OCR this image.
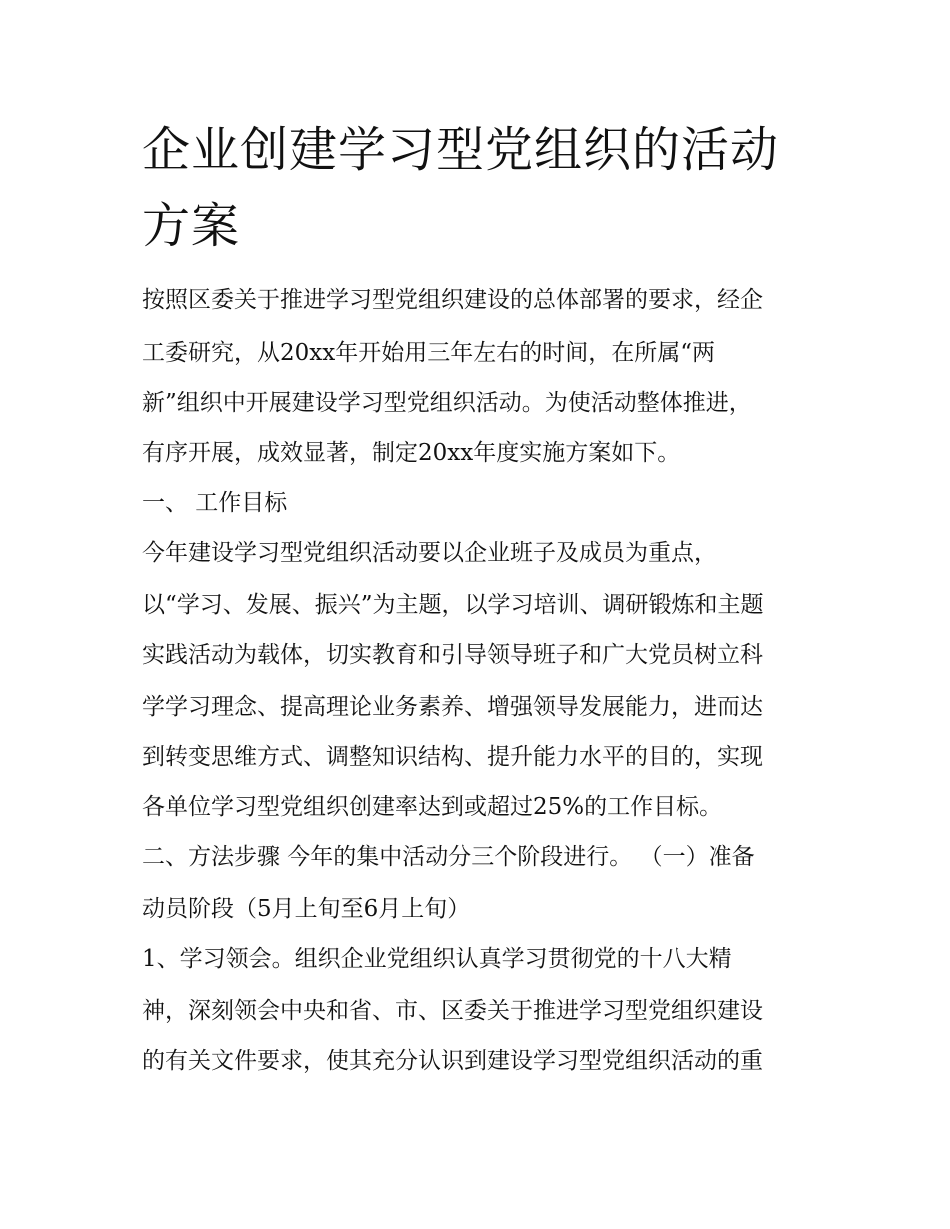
企业创建学习型党组织的活动方案

按照区委关于推进学习型党组织建设的总体部署的要求，经企

工委研究，从20xx年开始用三年左右的时间，在所属“两

新”组织中开展建设学习型党组织活动。为使活动整体推进，

有序开展，成效显著，制定20xx年度实施方案如下。

一、 工作目标

今年建设学习型党组织活动要以企业班子及成员为重点，

以“学习、发展、振兴”为主题，以学习培训、调研锻炼和主题

实践活动为载体，切实教育和引导领导班子和广大党员树立科

学学习理念、提高理论业务素养、增强领导发展能力，进而达

到转变思维方式、调整知识结构、提升能力水平的目的，实现

各单位学习型党组织创建率达到或超过25%的工作目标。

二、方法步骤 今年的集中活动分三个阶段进行。 （一）准备

动员阶段（5月上旬至6月上旬）

1、学习领会。组织企业党组织认真学习贯彻党的十八大精

神，深刻领会中央和省、市、区委关于推进学习型党组织建设

的有关文件要求，使其充分认识到建设学习型党组织活动的重
